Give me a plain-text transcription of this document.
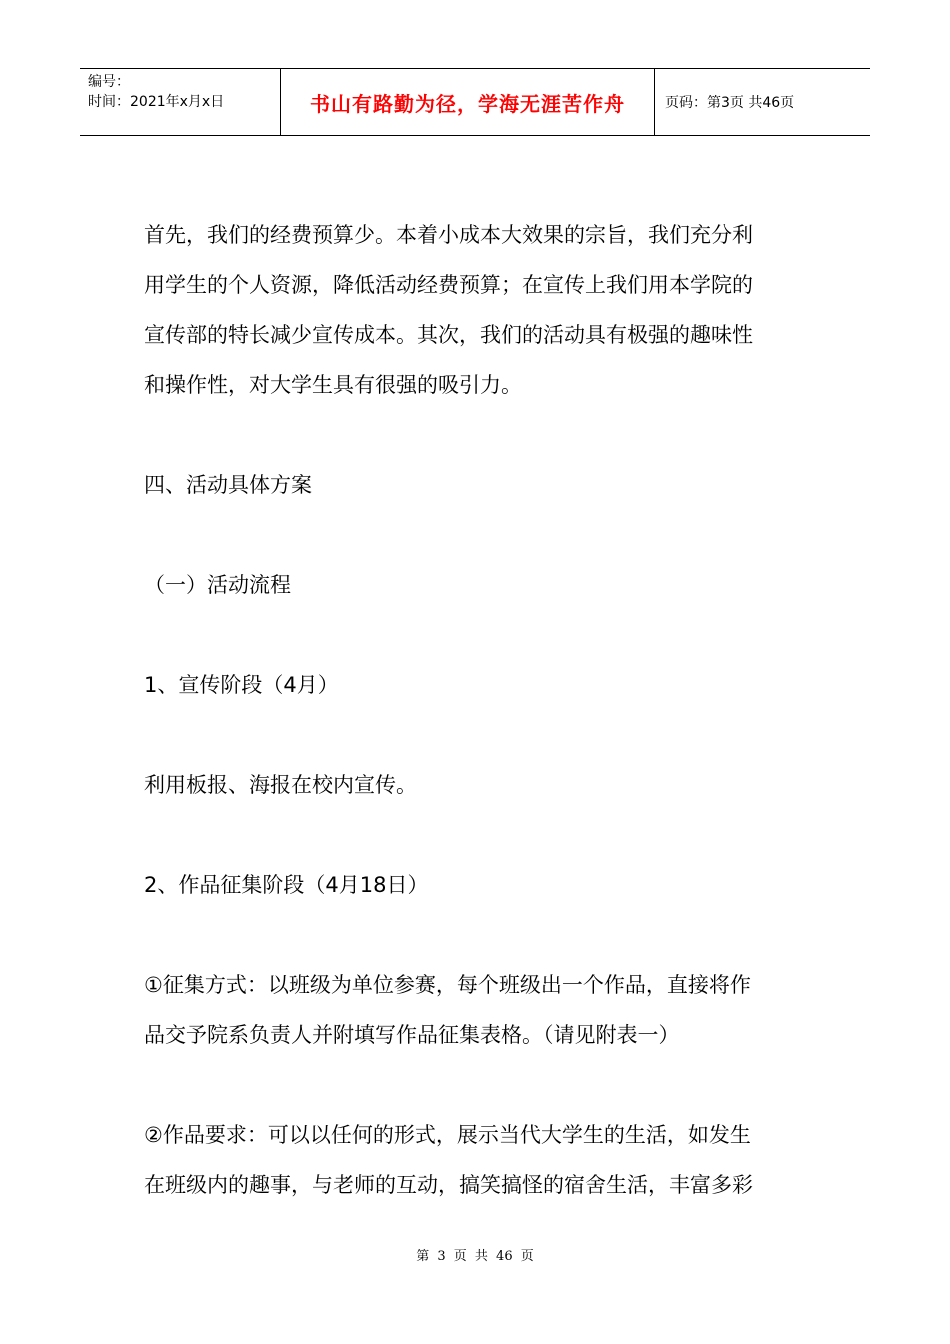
编号：
时间：2021年x月x日	书山有路勤为径，学海无涯苦作舟	页码：第3页 共46页

首先，我们的经费预算少。本着小成本大效果的宗旨，我们充分利

用学生的个人资源，降低活动经费预算；在宣传上我们用本学院的

宣传部的特长减少宣传成本。其次，我们的活动具有极强的趣味性

和操作性，对大学生具有很强的吸引力。

四、活动具体方案

（一）活动流程

1、宣传阶段（4月）

利用板报、海报在校内宣传。

2、作品征集阶段（4月18日）

①征集方式：以班级为单位参赛，每个班级出一个作品，直接将作

品交予院系负责人并附填写作品征集表格。（请见附表一）

②作品要求：可以以任何的形式，展示当代大学生的生活，如发生

在班级内的趣事，与老师的互动，搞笑搞怪的宿舍生活，丰富多彩

第 3 页 共 46 页
